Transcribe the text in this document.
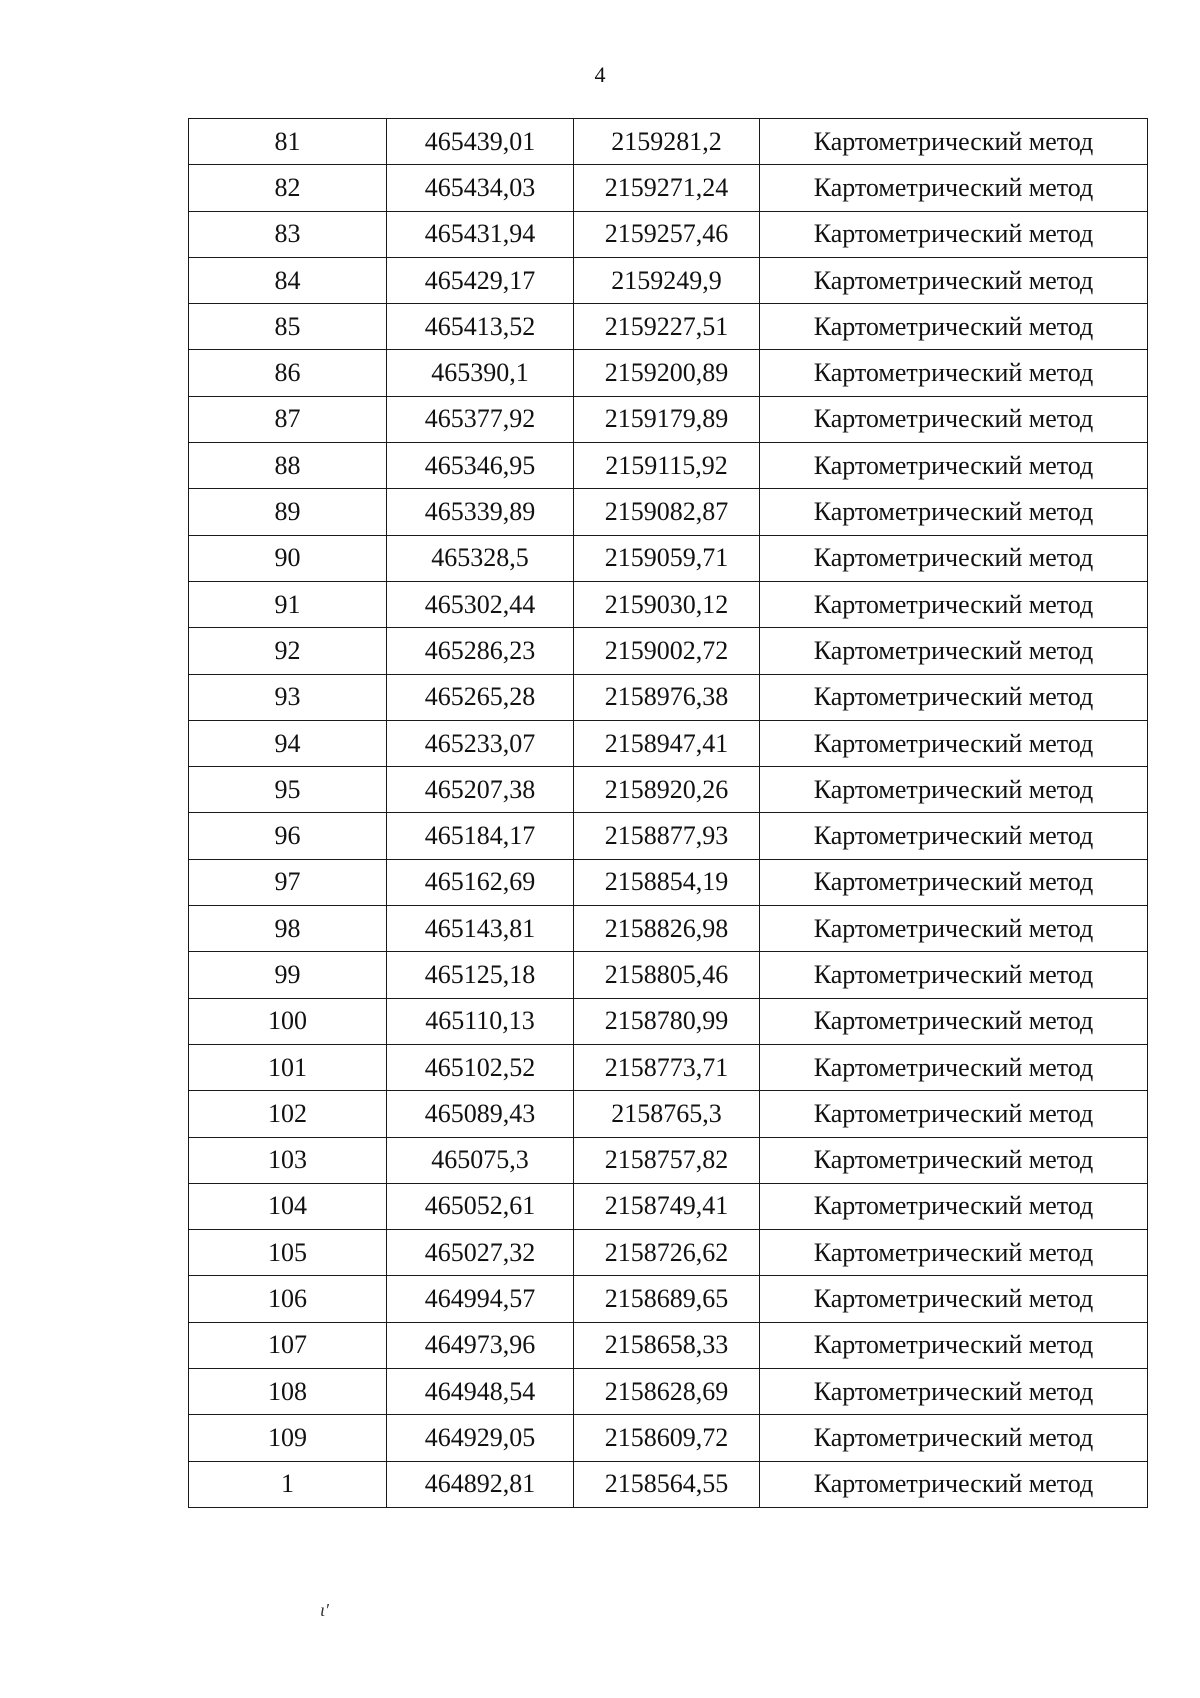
4
81	465439,01	2159281,2	Картометрический метод
82	465434,03	2159271,24	Картометрический метод
83	465431,94	2159257,46	Картометрический метод
84	465429,17	2159249,9	Картометрический метод
85	465413,52	2159227,51	Картометрический метод
86	465390,1	2159200,89	Картометрический метод
87	465377,92	2159179,89	Картометрический метод
88	465346,95	2159115,92	Картометрический метод
89	465339,89	2159082,87	Картометрический метод
90	465328,5	2159059,71	Картометрический метод
91	465302,44	2159030,12	Картометрический метод
92	465286,23	2159002,72	Картометрический метод
93	465265,28	2158976,38	Картометрический метод
94	465233,07	2158947,41	Картометрический метод
95	465207,38	2158920,26	Картометрический метод
96	465184,17	2158877,93	Картометрический метод
97	465162,69	2158854,19	Картометрический метод
98	465143,81	2158826,98	Картометрический метод
99	465125,18	2158805,46	Картометрический метод
100	465110,13	2158780,99	Картометрический метод
101	465102,52	2158773,71	Картометрический метод
102	465089,43	2158765,3	Картометрический метод
103	465075,3	2158757,82	Картометрический метод
104	465052,61	2158749,41	Картометрический метод
105	465027,32	2158726,62	Картометрический метод
106	464994,57	2158689,65	Картометрический метод
107	464973,96	2158658,33	Картометрический метод
108	464948,54	2158628,69	Картометрический метод
109	464929,05	2158609,72	Картометрический метод
1	464892,81	2158564,55	Картометрический метод
ι′
